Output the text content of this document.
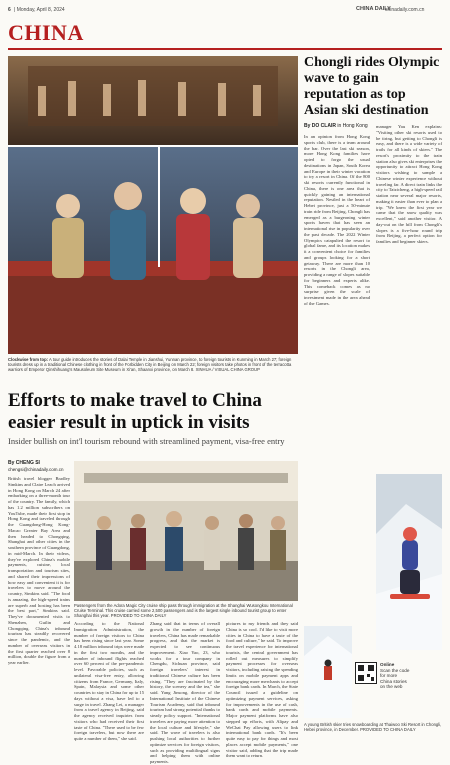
6 | Monday, April 8, 2024	CHINA DAILY
chinadaily.com.cn
CHINA
Clockwise from top: A tour guide introduces the stories of Dalai Temple in Jianshui, Yunnan province, to foreign tourists in Kunming in March 27; foreign tourists dress up in a traditional Chinese clothing in front of the Forbidden City in Beijing on March 22; foreign visitors take photos in front of the terracotta warriors of Emperor Qinshihuang's Mausoleum Site Museum in Xi'an, Shaanxi province, on March 8. XINHUA / VISUAL CHINA GROUP
Efforts to make travel to China easier result in uptick in visits
Insider bullish on int'l tourism rebound with streamlined payment, visa-free entry
By CHENG SI
chengsi@chinadaily.com.cn
British travel blogger Bradley Simkins and Claire Leach arrived in Hong Kong on March 24 after embarking on a three-month tour of the country. The family, which has 1.2 million subscribers on YouTube, made their first stop in Hong Kong and traveled through the Guangdong-Hong Kong-Macao Greater Bay Area and then headed to Chongqing, Shanghai and other cities in the southern province of Guangdong, in mid-March. In their videos, they've explored China's mobile payments, cuisine, local transportation and tourism sites, and shared their impressions of how easy and convenient it is for travelers to move around the country, Simkins said. "The food is amazing, the high-speed trains are superb and hosting has been the best part," Simkins said. They've documented visits to Shenzhen, Guilin and Chongqing. China's inbound tourism has steadily recovered since the pandemic, and the number of overseas visitors in the first quarter reached over 8 million, double the figure from a year earlier.
Passengers from the Adora Magic City cruise ship pass through immigration at the Shanghai Wusongkou International Cruise Terminal. This cruise carried some 2,500 passengers and is the largest single inbound tourist group to enter Shanghai this year. PROVIDED TO CHINA DAILY
According to the National Immigration Administration, the number of foreign visitors to China has been rising since last year. Some 4.18 million inbound trips were made in the first two months, and the number of inbound flights reached over 60 percent of the pre-pandemic level. Favorable policies, such as unilateral visa-free entry, allowing citizens from France, Germany, Italy, Spain, Malaysia and some other countries to stay in China for up to 15 days without a visa, have led to a surge in travel. Zhang Lei, a manager from a travel agency in Beijing, said the agency received inquiries from visitors who had received their first taste of China. "There used to be few foreign travelers, but now there are quite a number of them," she said.
Zhang said that in terms of overall growth in the number of foreign travelers, China has made remarkable progress, and that the market is expected to see continuous improvement. Xiao Yao, 23, who works for a tour company in Chengdu, Sichuan province, said foreign travelers' interest in traditional Chinese culture has been rising. "They are fascinated by the history, the scenery and the tea," she said. Yang Jinsong, director of the International Institute of the Chinese Tourism Academy, said that inbound tourism had strong potential thanks to steady policy support. "International travelers are paying more attention to the local culture and lifestyle," she said. The wave of travelers is also pushing local authorities to further optimize services for foreign visitors, such as providing multilingual signs and helping them with online payments.
pictures to my friends and they said China is so cool. I'd like to visit more cities in China to have a taste of the food and culture," he said. To improve the travel experience for international tourists, the central government has rolled out measures to simplify payment processes for overseas visitors, including raising the spending limits on mobile payment apps and encouraging more merchants to accept foreign bank cards. In March, the State Council issued a guideline on optimizing payment services, asking for improvements in the use of cash, bank cards and mobile payments. Major payment platforms have also stepped up efforts, with Alipay and WeChat Pay allowing users to link international bank cards. "It's been quite easy to pay for things and most places accept mobile payments," one visitor said, adding that the trip made them want to return.
Chongli rides Olympic wave to gain reputation as top Asian ski destination
By DO CLAIR in Hong Kong
In an opinion from Hong Kong sports club, there is a team around the bar. Over the last ski season, more Hong Kong families have opted to forgo the usual destinations in Japan, South Korea and Europe in their winter vacation to try a resort in China. Of the 800 ski resorts currently functional in China, there is one area that is quickly gaining an international reputation. Nestled in the heart of Hebei province, just a 50-minute train ride from Beijing, Chongli has emerged as a burgeoning winter sports haven that has seen an international rise in popularity over the past decade. The 2022 Winter Olympics catapulted the resort to global fame, and its location makes it a convenient choice for families and groups looking for a short getaway. There are more than 10 resorts in the Chongli area, providing a range of slopes suitable for beginners and experts alike. This comeback comes as no surprise given the scale of investment made in the area ahead of the Games.
manager Yau Ken explains: "Visiting other ski resorts used to be tiring, but getting to Chongli is easy, and there is a wide variety of trails for all kinds of skiers." The resort's proximity to the train station also gives ski enterprises the opportunity to attract Hong Kong visitors wishing to sample a Chinese winter experience without traveling far. A direct train links the city to Taizicheng, a high-speed rail station near several major resorts, making it easier than ever to plan a trip. "We knew the first year we came that the snow quality was excellent," said another visitor. A day-out on the hill from Chongli's slopes is a five-hour round trip from Beijing, a perfect option for families and beginner skiers.
Online
Scan the code
for more
China stories
on the web
A young British skier tries snowboarding at Thaiwoo Ski Resort in Chongli, Hebei province, in December. PROVIDED TO CHINA DAILY
